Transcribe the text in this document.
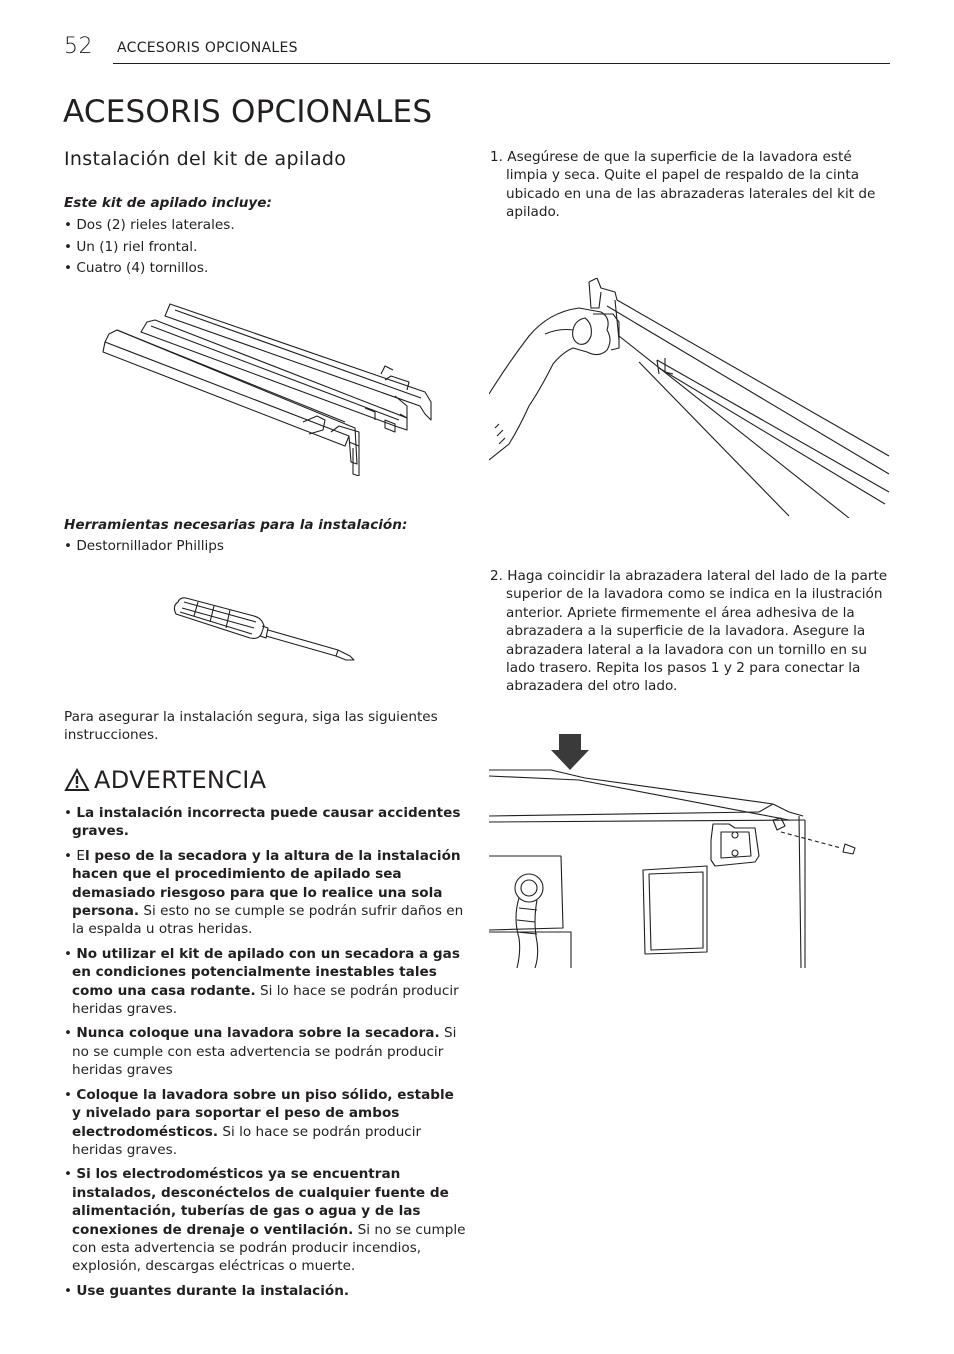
52 ACCESORIS OPCIONALES
ACESORIS OPCIONALES
Instalación del kit de apilado

Este kit de apilado incluye:

• Dos (2) rieles laterales.

• Un (1) riel frontal.

• Cuatro (4) tornillos.

Herramientas necesarias para la instalación:

• Destornillador Phillips

Para asegurar la instalación segura, siga las siguientes instrucciones.
ADVERTENCIA

• La instalación incorrecta puede causar accidentes graves.

• El peso de la secadora y la altura de la instalación hacen que el procedimiento de apilado sea demasiado riesgoso para que lo realice una sola persona. Si esto no se cumple se podrán sufrir daños en la espalda u otras heridas.

• No utilizar el kit de apilado con un secadora a gas en condiciones potencialmente inestables tales como una casa rodante. Si lo hace se podrán producir heridas graves.

• Nunca coloque una lavadora sobre la secadora. Si no se cumple con esta advertencia se podrán producir heridas graves

• Coloque la lavadora sobre un piso sólido, estable y nivelado para soportar el peso de ambos electrodomésticos. Si lo hace se podrán producir heridas graves.

• Si los electrodomésticos ya se encuentran instalados, desconéctelos de cualquier fuente de alimentación, tuberías de gas o agua y de las conexiones de drenaje o ventilación. Si no se cumple con esta advertencia se podrán producir incendios, explosión, descargas eléctricas o muerte.

• Use guantes durante la instalación.

1. Asegúrese de que la superficie de la lavadora esté limpia y seca. Quite el papel de respaldo de la cinta ubicado en una de las abrazaderas laterales del kit de apilado.

2. Haga coincidir la abrazadera lateral del lado de la parte superior de la lavadora como se indica en la ilustración anterior. Apriete firmemente el área adhesiva de la abrazadera a la superficie de la lavadora. Asegure la abrazadera lateral a la lavadora con un tornillo en su lado trasero. Repita los pasos 1 y 2 para conectar la abrazadera del otro lado.
